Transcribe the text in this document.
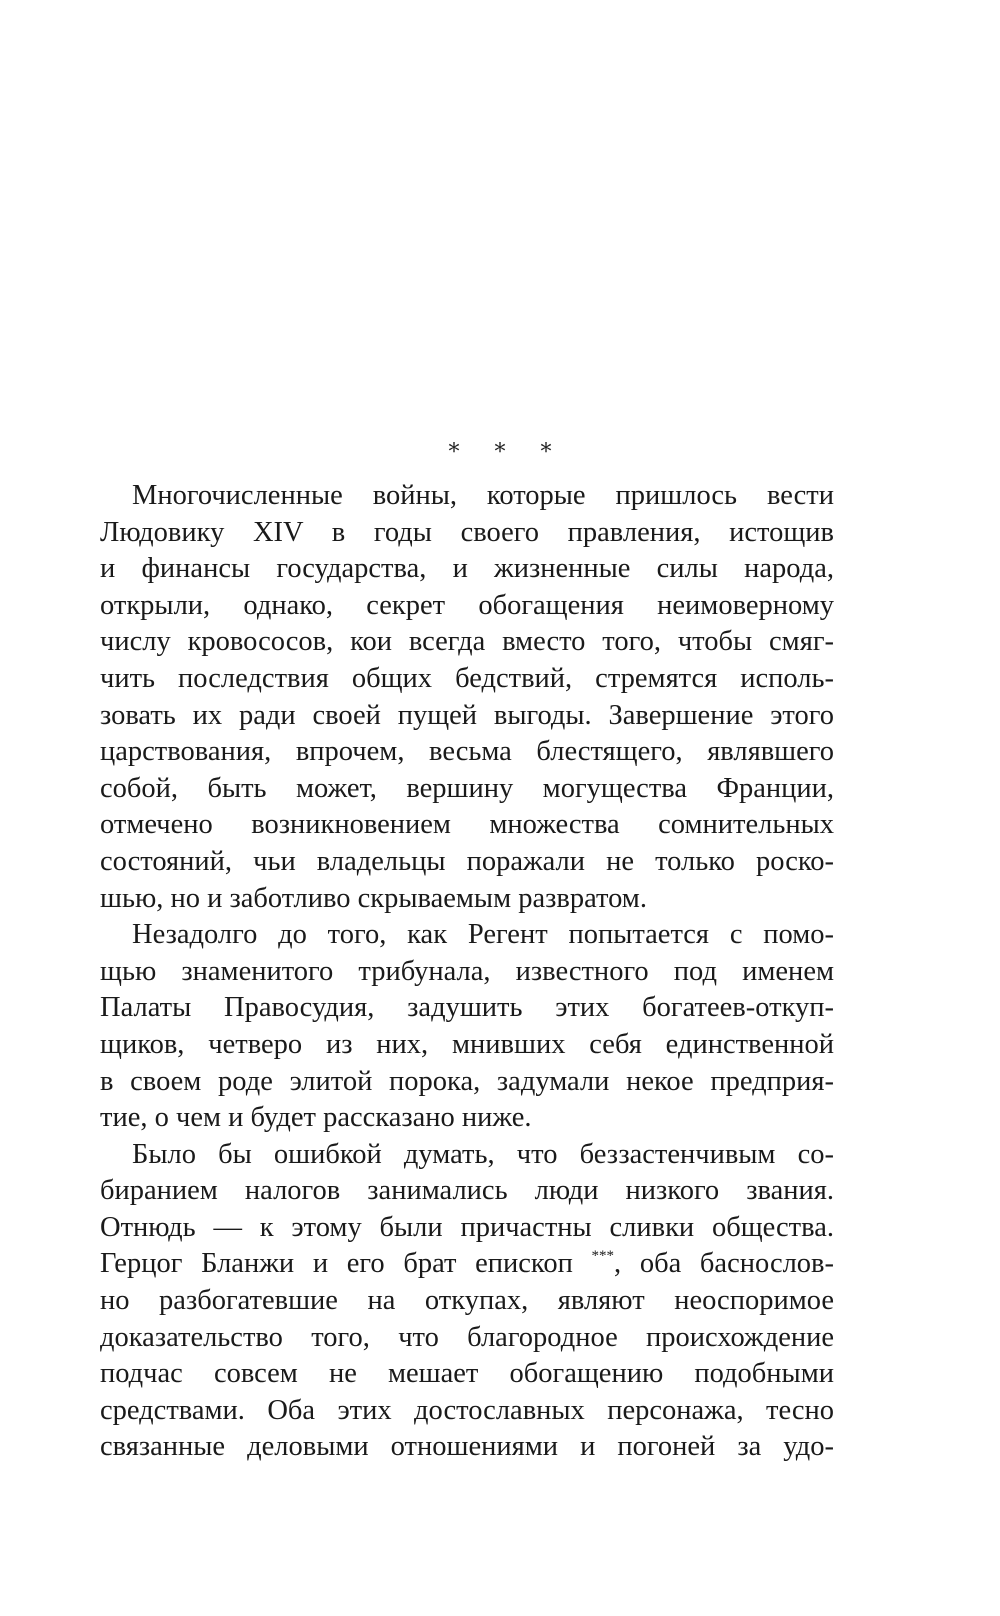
* * *
Многочисленные войны, которые пришлось вести
Людовику XIV в годы своего правления, истощив
и финансы государства, и жизненные силы народа,
открыли, однако, секрет обогащения неимоверному
числу кровососов, кои всегда вместо того, чтобы смяг-
чить последствия общих бедствий, стремятся исполь-
зовать их ради своей пущей выгоды. Завершение этого
царствования, впрочем, весьма блестящего, являвшего
собой, быть может, вершину могущества Франции,
отмечено возникновением множества сомнительных
состояний, чьи владельцы поражали не только роско-
шью, но и заботливо скрываемым развратом.
Незадолго до того, как Регент попытается с помо-
щью знаменитого трибунала, известного под именем
Палаты Правосудия, задушить этих богатеев-откуп-
щиков, четверо из них, мнивших себя единственной
в своем роде элитой порока, задумали некое предприя-
тие, о чем и будет рассказано ниже.
Было бы ошибкой думать, что беззастенчивым со-
биранием налогов занимались люди низкого звания.
Отнюдь — к этому были причастны сливки общества.
Герцог Бланжи и его брат епископ ***, оба баснослов-
но разбогатевшие на откупах, являют неоспоримое
доказательство того, что благородное происхождение
подчас совсем не мешает обогащению подобными
средствами. Оба этих достославных персонажа, тесно
связанные деловыми отношениями и погоней за удо-
